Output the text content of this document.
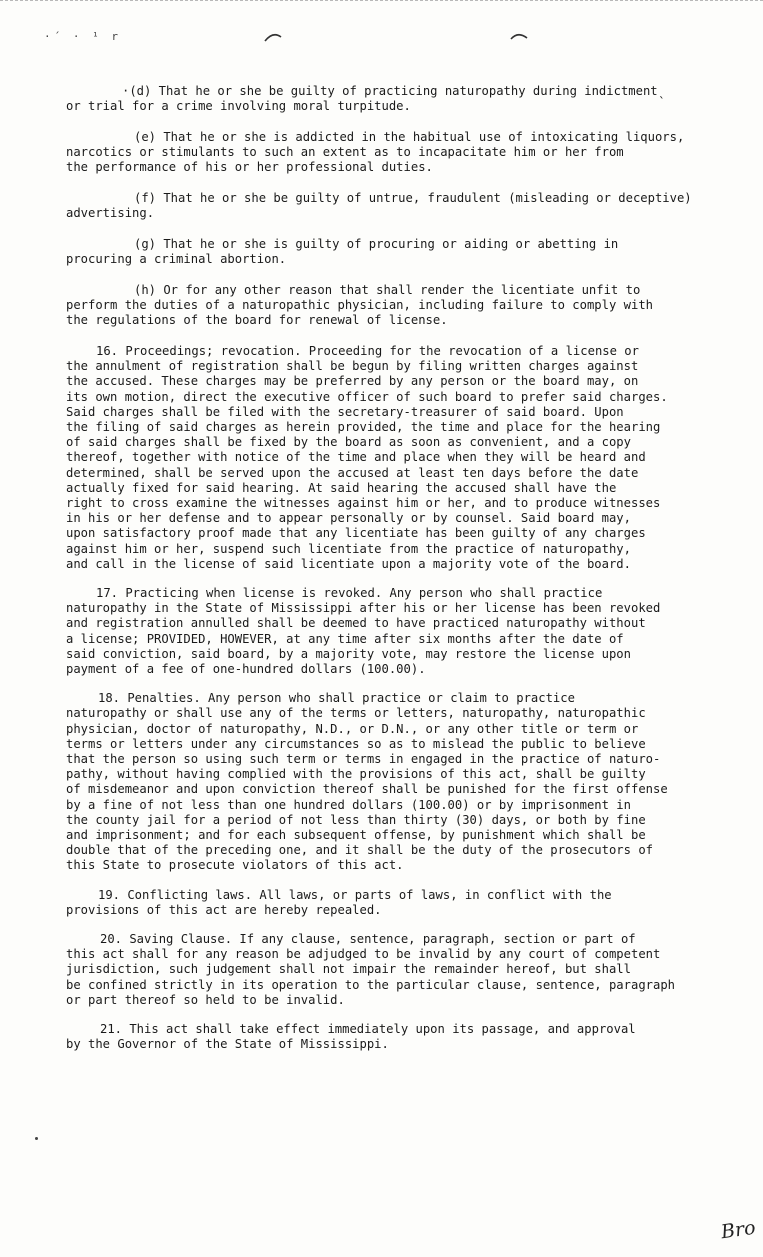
·´ · ¹ r

·(d) That he or she be guilty of practicing naturopathy during indictmentˎ
or trial for a crime involving moral turpitude.

(e) That he or she is addicted in the habitual use of intoxicating liquors,
narcotics or stimulants to such an extent as to incapacitate him or her from
the performance of his or her professional duties.

(f) That he or she be guilty of untrue, fraudulent (misleading or deceptive)
advertising.

(g) That he or she is guilty of procuring or aiding or abetting in
procuring a criminal abortion.

(h) Or for any other reason that shall render the licentiate unfit to
perform the duties of a naturopathic physician, including failure to comply with
the regulations of the board for renewal of license.

16. Proceedings; revocation. Proceeding for the revocation of a license or
the annulment of registration shall be begun by filing written charges against
the accused. These charges may be preferred by any person or the board may, on
its own motion, direct the executive officer of such board to prefer said charges.
Said charges shall be filed with the secretary-treasurer of said board. Upon
the filing of said charges as herein provided, the time and place for the hearing
of said charges shall be fixed by the board as soon as convenient, and a copy
thereof, together with notice of the time and place when they will be heard and
determined, shall be served upon the accused at least ten days before the date
actually fixed for said hearing. At said hearing the accused shall have the
right to cross examine the witnesses against him or her, and to produce witnesses
in his or her defense and to appear personally or by counsel. Said board may,
upon satisfactory proof made that any licentiate has been guilty of any charges
against him or her, suspend such licentiate from the practice of naturopathy,
and call in the license of said licentiate upon a majority vote of the board.

17. Practicing when license is revoked. Any person who shall practice
naturopathy in the State of Mississippi after his or her license has been revoked
and registration annulled shall be deemed to have practiced naturopathy without
a license; PROVIDED, HOWEVER, at any time after six months after the date of
said conviction, said board, by a majority vote, may restore the license upon
payment of a fee of one-hundred dollars (100.00).

18. Penalties. Any person who shall practice or claim to practice
naturopathy or shall use any of the terms or letters, naturopathy, naturopathic
physician, doctor of naturopathy, N.D., or D.N., or any other title or term or
terms or letters under any circumstances so as to mislead the public to believe
that the person so using such term or terms in engaged in the practice of naturo-
pathy, without having complied with the provisions of this act, shall be guilty
of misdemeanor and upon conviction thereof shall be punished for the first offense
by a fine of not less than one hundred dollars (100.00) or by imprisonment in
the county jail for a period of not less than thirty (30) days, or both by fine
and imprisonment; and for each subsequent offense, by punishment which shall be
double that of the preceding one, and it shall be the duty of the prosecutors of
this State to prosecute violators of this act.

19. Conflicting laws. All laws, or parts of laws, in conflict with the
provisions of this act are hereby repealed.

20. Saving Clause. If any clause, sentence, paragraph, section or part of
this act shall for any reason be adjudged to be invalid by any court of competent
jurisdiction, such judgement shall not impair the remainder hereof, but shall
be confined strictly in its operation to the particular clause, sentence, paragraph
or part thereof so held to be invalid.

21. This act shall take effect immediately upon its passage, and approval
by the Governor of the State of Mississippi.

Bro
